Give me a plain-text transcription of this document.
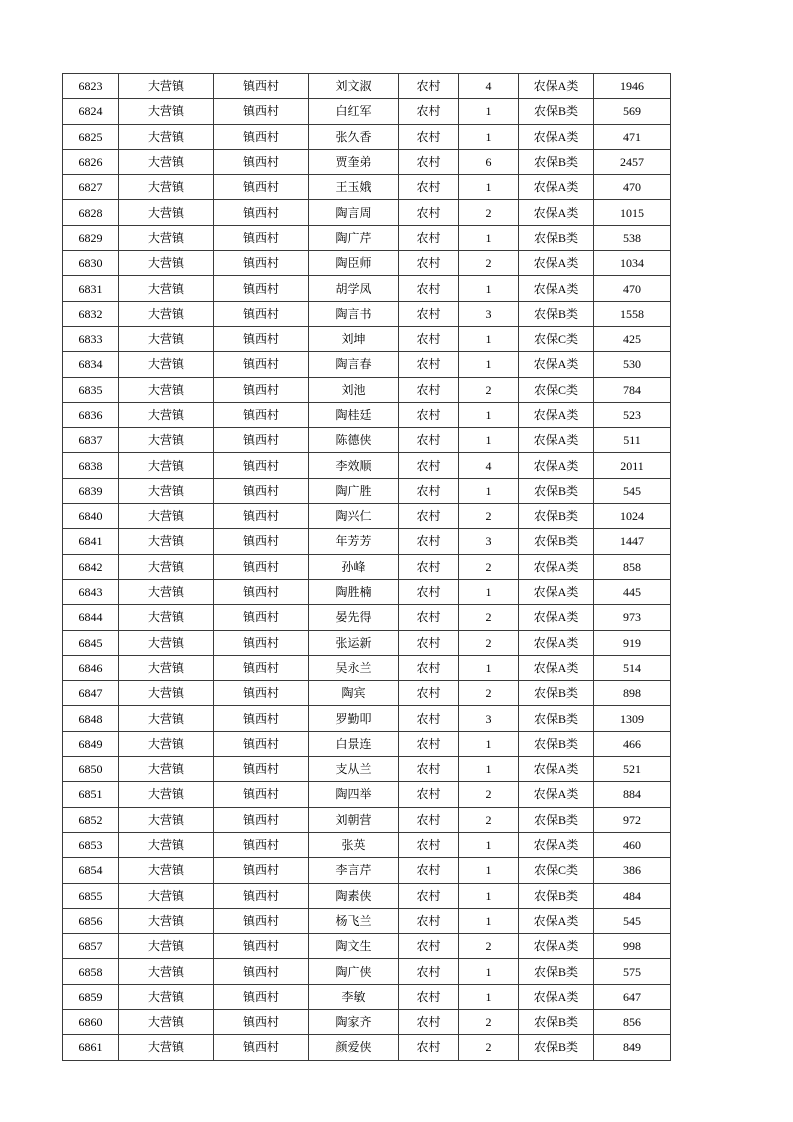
6823	大营镇	镇西村	刘文淑	农村	4	农保A类	1946
6824	大营镇	镇西村	白红军	农村	1	农保B类	569
6825	大营镇	镇西村	张久香	农村	1	农保A类	471
6826	大营镇	镇西村	贾奎弟	农村	6	农保B类	2457
6827	大营镇	镇西村	王玉娥	农村	1	农保A类	470
6828	大营镇	镇西村	陶言周	农村	2	农保A类	1015
6829	大营镇	镇西村	陶广芹	农村	1	农保B类	538
6830	大营镇	镇西村	陶臣师	农村	2	农保A类	1034
6831	大营镇	镇西村	胡学凤	农村	1	农保A类	470
6832	大营镇	镇西村	陶言书	农村	3	农保B类	1558
6833	大营镇	镇西村	刘坤	农村	1	农保C类	425
6834	大营镇	镇西村	陶言春	农村	1	农保A类	530
6835	大营镇	镇西村	刘池	农村	2	农保C类	784
6836	大营镇	镇西村	陶桂廷	农村	1	农保A类	523
6837	大营镇	镇西村	陈德侠	农村	1	农保A类	511
6838	大营镇	镇西村	李效顺	农村	4	农保A类	2011
6839	大营镇	镇西村	陶广胜	农村	1	农保B类	545
6840	大营镇	镇西村	陶兴仁	农村	2	农保B类	1024
6841	大营镇	镇西村	年芳芳	农村	3	农保B类	1447
6842	大营镇	镇西村	孙峰	农村	2	农保A类	858
6843	大营镇	镇西村	陶胜楠	农村	1	农保A类	445
6844	大营镇	镇西村	晏先得	农村	2	农保A类	973
6845	大营镇	镇西村	张运新	农村	2	农保A类	919
6846	大营镇	镇西村	吴永兰	农村	1	农保A类	514
6847	大营镇	镇西村	陶宾	农村	2	农保B类	898
6848	大营镇	镇西村	罗勤叩	农村	3	农保B类	1309
6849	大营镇	镇西村	白景连	农村	1	农保B类	466
6850	大营镇	镇西村	支从兰	农村	1	农保A类	521
6851	大营镇	镇西村	陶四举	农村	2	农保A类	884
6852	大营镇	镇西村	刘朝营	农村	2	农保B类	972
6853	大营镇	镇西村	张英	农村	1	农保A类	460
6854	大营镇	镇西村	李言芹	农村	1	农保C类	386
6855	大营镇	镇西村	陶素侠	农村	1	农保B类	484
6856	大营镇	镇西村	杨飞兰	农村	1	农保A类	545
6857	大营镇	镇西村	陶文生	农村	2	农保A类	998
6858	大营镇	镇西村	陶广侠	农村	1	农保B类	575
6859	大营镇	镇西村	李敏	农村	1	农保A类	647
6860	大营镇	镇西村	陶家齐	农村	2	农保B类	856
6861	大营镇	镇西村	颜爱侠	农村	2	农保B类	849
